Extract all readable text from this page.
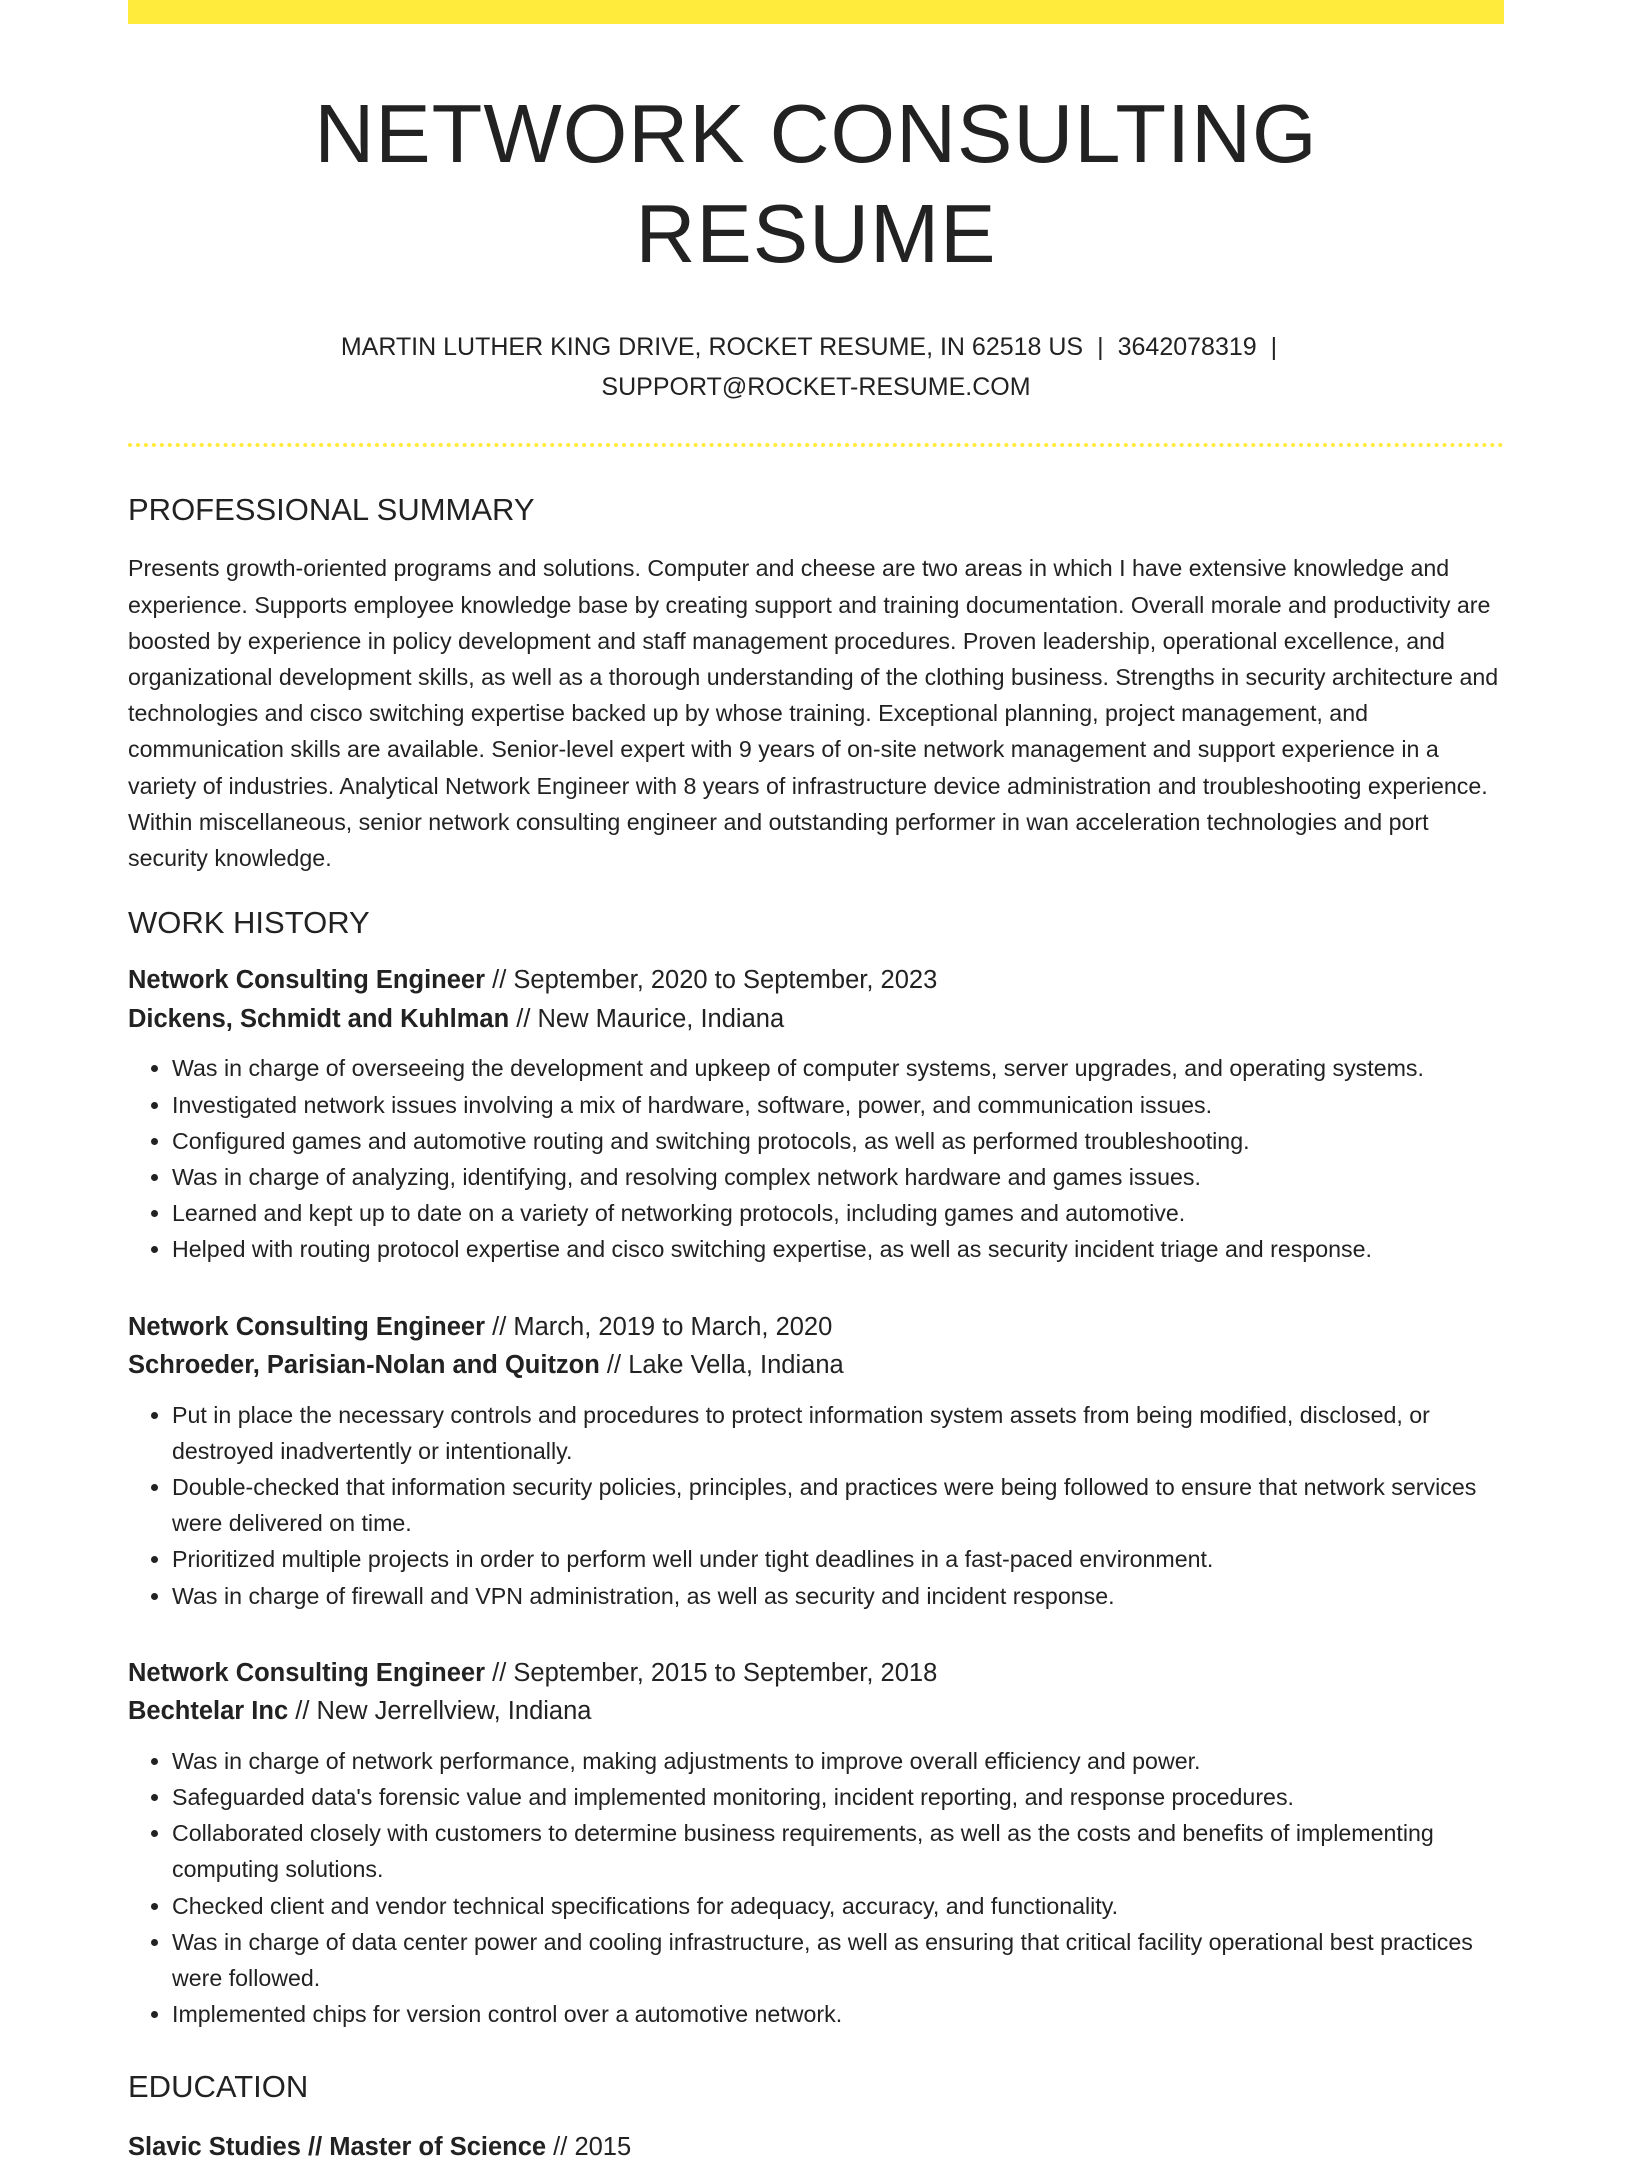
NETWORK CONSULTING RESUME
MARTIN LUTHER KING DRIVE, ROCKET RESUME, IN 62518 US | 3642078319 |
SUPPORT@ROCKET-RESUME.COM
PROFESSIONAL SUMMARY

Presents growth-oriented programs and solutions. Computer and cheese are two areas in which I have extensive knowledge and experience. Supports employee knowledge base by creating support and training documentation. Overall morale and productivity are boosted by experience in policy development and staff management procedures. Proven leadership, operational excellence, and organizational development skills, as well as a thorough understanding of the clothing business. Strengths in security architecture and technologies and cisco switching expertise backed up by whose training. Exceptional planning, project management, and communication skills are available. Senior-level expert with 9 years of on-site network management and support experience in a variety of industries. Analytical Network Engineer with 8 years of infrastructure device administration and troubleshooting experience. Within miscellaneous, senior network consulting engineer and outstanding performer in wan acceleration technologies and port security knowledge.

WORK HISTORY
Network Consulting Engineer // September, 2020 to September, 2023
Dickens, Schmidt and Kuhlman // New Maurice, Indiana
• Was in charge of overseeing the development and upkeep of computer systems, server upgrades, and operating systems.
• Investigated network issues involving a mix of hardware, software, power, and communication issues.
• Configured games and automotive routing and switching protocols, as well as performed troubleshooting.
• Was in charge of analyzing, identifying, and resolving complex network hardware and games issues.
• Learned and kept up to date on a variety of networking protocols, including games and automotive.
• Helped with routing protocol expertise and cisco switching expertise, as well as security incident triage and response.
Network Consulting Engineer // March, 2019 to March, 2020
Schroeder, Parisian-Nolan and Quitzon // Lake Vella, Indiana
• Put in place the necessary controls and procedures to protect information system assets from being modified, disclosed, or destroyed inadvertently or intentionally.
• Double-checked that information security policies, principles, and practices were being followed to ensure that network services were delivered on time.
• Prioritized multiple projects in order to perform well under tight deadlines in a fast-paced environment.
• Was in charge of firewall and VPN administration, as well as security and incident response.
Network Consulting Engineer // September, 2015 to September, 2018
Bechtelar Inc // New Jerrellview, Indiana
• Was in charge of network performance, making adjustments to improve overall efficiency and power.
• Safeguarded data's forensic value and implemented monitoring, incident reporting, and response procedures.
• Collaborated closely with customers to determine business requirements, as well as the costs and benefits of implementing computing solutions.
• Checked client and vendor technical specifications for adequacy, accuracy, and functionality.
• Was in charge of data center power and cooling infrastructure, as well as ensuring that critical facility operational best practices were followed.
• Implemented chips for version control over a automotive network.
EDUCATION
Slavic Studies // Master of Science // 2015
